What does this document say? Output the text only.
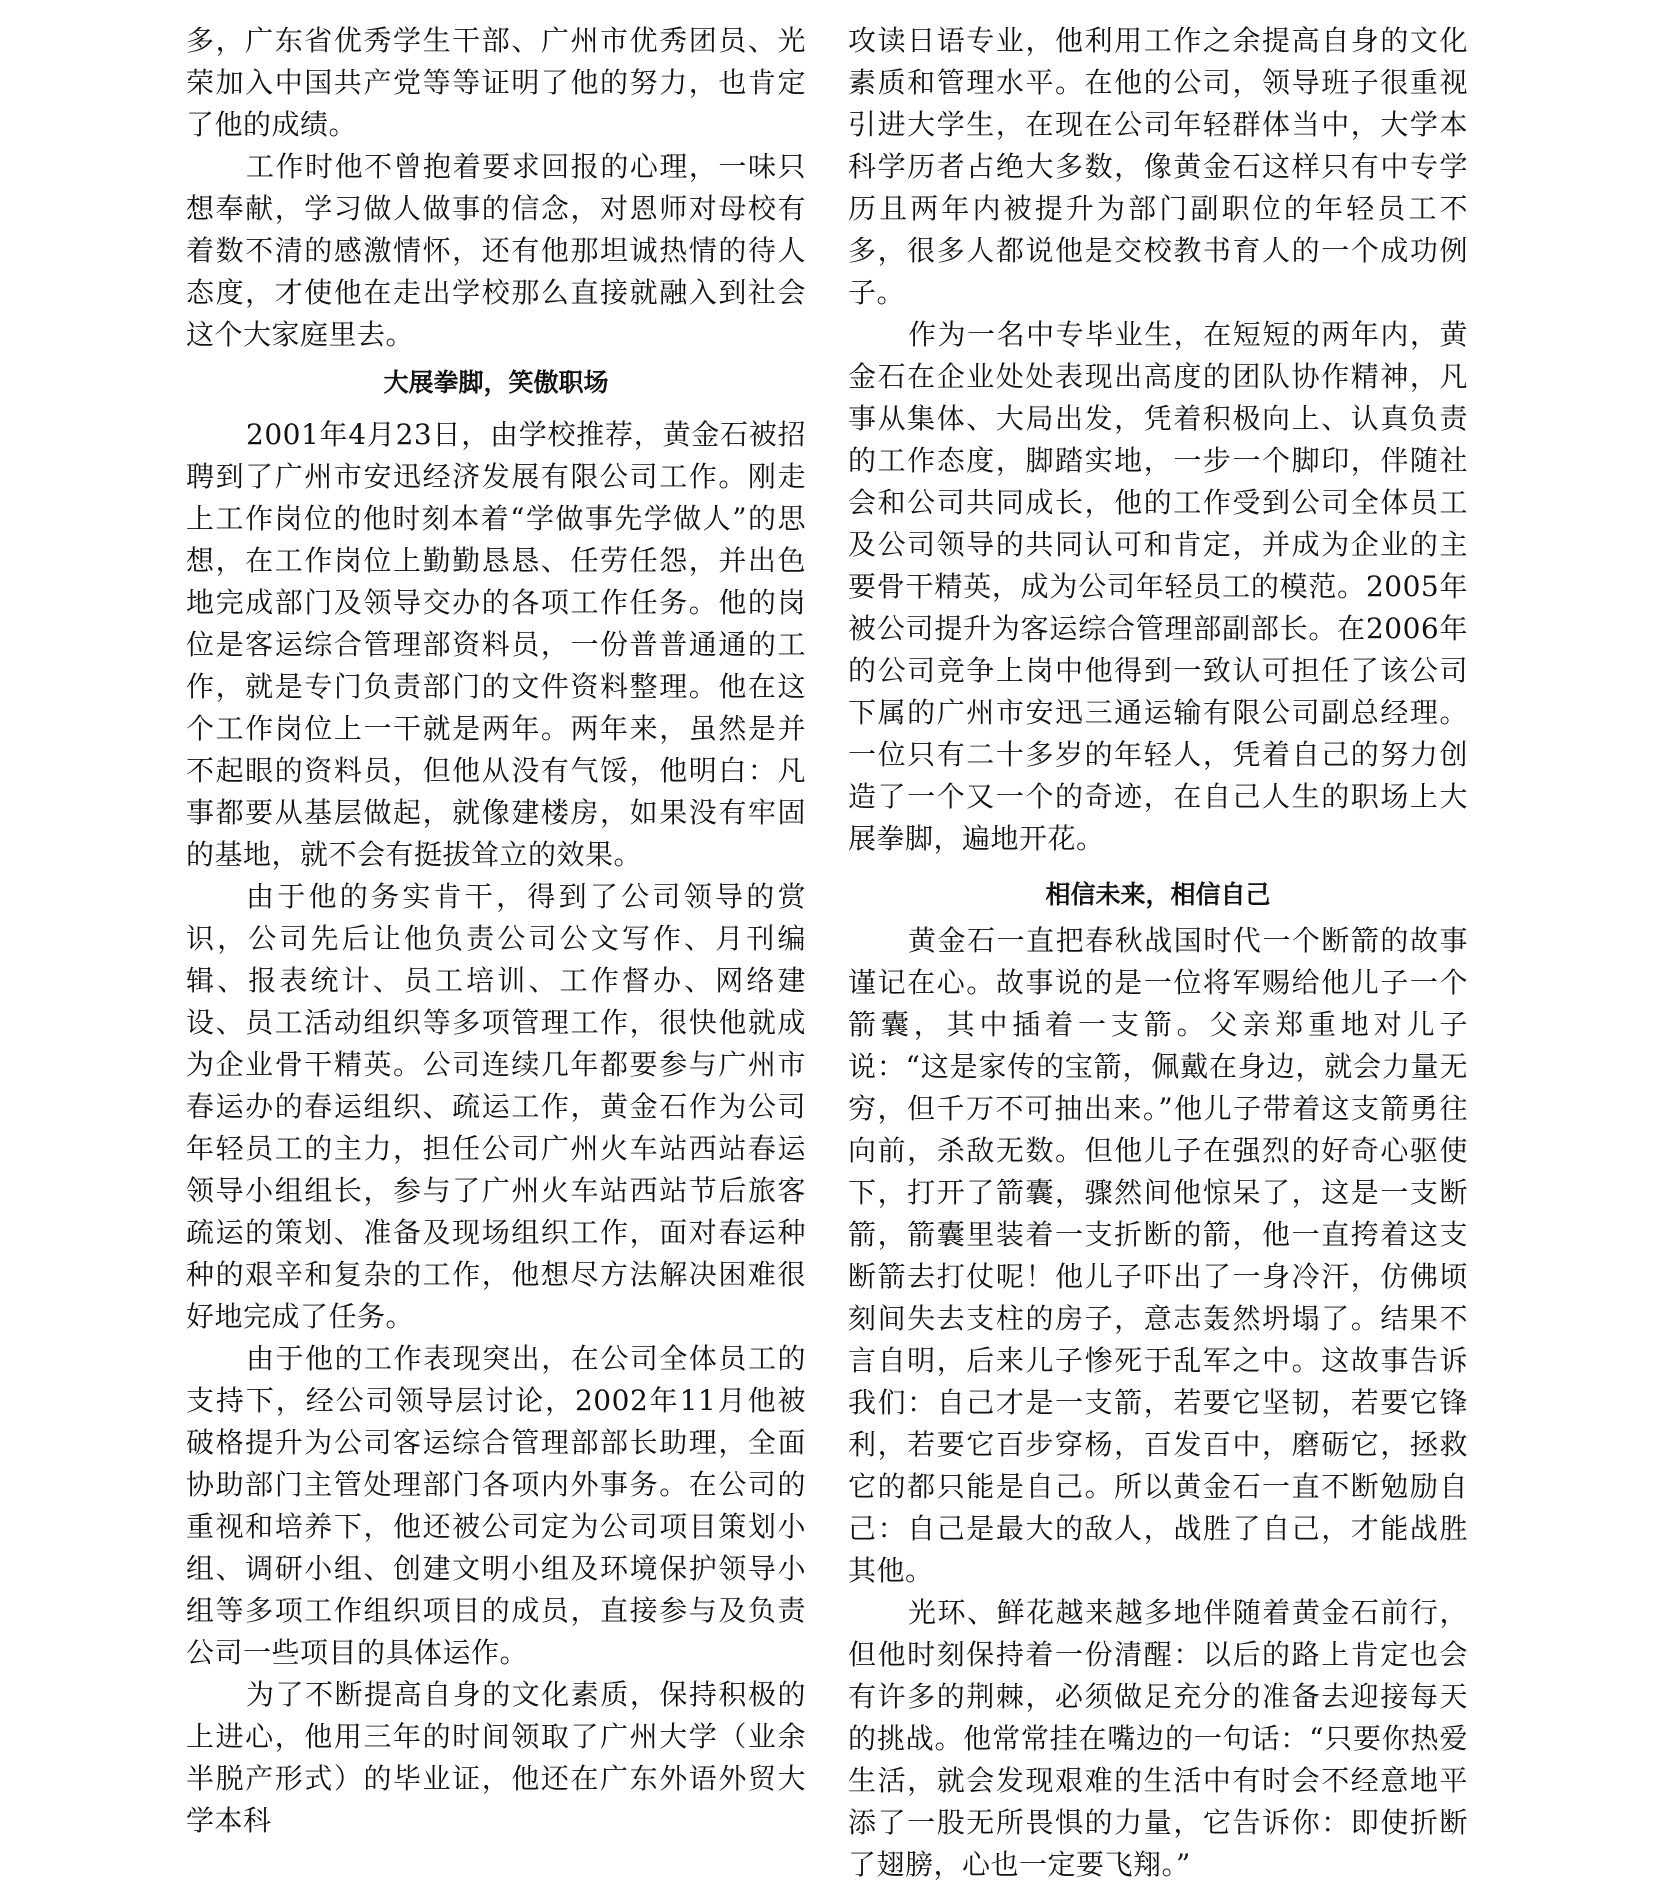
多，广东省优秀学生干部、广州市优秀团员、光荣加入中国共产党等等证明了他的努力，也肯定了他的成绩。

工作时他不曾抱着要求回报的心理，一味只想奉献，学习做人做事的信念，对恩师对母校有着数不清的感激情怀，还有他那坦诚热情的待人态度，才使他在走出学校那么直接就融入到社会这个大家庭里去。

大展拳脚，笑傲职场

2001年4月23日，由学校推荐，黄金石被招聘到了广州市安迅经济发展有限公司工作。刚走上工作岗位的他时刻本着“学做事先学做人”的思想，在工作岗位上勤勤恳恳、任劳任怨，并出色地完成部门及领导交办的各项工作任务。他的岗位是客运综合管理部资料员，一份普普通通的工作，就是专门负责部门的文件资料整理。他在这个工作岗位上一干就是两年。两年来，虽然是并不起眼的资料员，但他从没有气馁，他明白：凡事都要从基层做起，就像建楼房，如果没有牢固的基地，就不会有挺拔耸立的效果。

由于他的务实肯干，得到了公司领导的赏识，公司先后让他负责公司公文写作、月刊编辑、报表统计、员工培训、工作督办、网络建设、员工活动组织等多项管理工作，很快他就成为企业骨干精英。公司连续几年都要参与广州市春运办的春运组织、疏运工作，黄金石作为公司年轻员工的主力，担任公司广州火车站西站春运领导小组组长，参与了广州火车站西站节后旅客疏运的策划、准备及现场组织工作，面对春运种种的艰辛和复杂的工作，他想尽方法解决困难很好地完成了任务。

由于他的工作表现突出，在公司全体员工的支持下，经公司领导层讨论，2002年11月他被破格提升为公司客运综合管理部部长助理，全面协助部门主管处理部门各项内外事务。在公司的重视和培养下，他还被公司定为公司项目策划小组、调研小组、创建文明小组及环境保护领导小组等多项工作组织项目的成员，直接参与及负责公司一些项目的具体运作。

为了不断提高自身的文化素质，保持积极的上进心，他用三年的时间领取了广州大学（业余半脱产形式）的毕业证，他还在广东外语外贸大学本科

攻读日语专业，他利用工作之余提高自身的文化素质和管理水平。在他的公司，领导班子很重视引进大学生，在现在公司年轻群体当中，大学本科学历者占绝大多数，像黄金石这样只有中专学历且两年内被提升为部门副职位的年轻员工不多，很多人都说他是交校教书育人的一个成功例子。

作为一名中专毕业生，在短短的两年内，黄金石在企业处处表现出高度的团队协作精神，凡事从集体、大局出发，凭着积极向上、认真负责的工作态度，脚踏实地，一步一个脚印，伴随社会和公司共同成长，他的工作受到公司全体员工及公司领导的共同认可和肯定，并成为企业的主要骨干精英，成为公司年轻员工的模范。2005年被公司提升为客运综合管理部副部长。在2006年的公司竞争上岗中他得到一致认可担任了该公司下属的广州市安迅三通运输有限公司副总经理。一位只有二十多岁的年轻人，凭着自己的努力创造了一个又一个的奇迹，在自己人生的职场上大展拳脚，遍地开花。

相信未来，相信自己

黄金石一直把春秋战国时代一个断箭的故事谨记在心。故事说的是一位将军赐给他儿子一个箭囊，其中插着一支箭。父亲郑重地对儿子说：“这是家传的宝箭，佩戴在身边，就会力量无穷，但千万不可抽出来。”他儿子带着这支箭勇往向前，杀敌无数。但他儿子在强烈的好奇心驱使下，打开了箭囊，骤然间他惊呆了，这是一支断箭，箭囊里装着一支折断的箭，他一直挎着这支断箭去打仗呢！他儿子吓出了一身冷汗，仿佛顷刻间失去支柱的房子，意志轰然坍塌了。结果不言自明，后来儿子惨死于乱军之中。这故事告诉我们：自己才是一支箭，若要它坚韧，若要它锋利，若要它百步穿杨，百发百中，磨砺它，拯救它的都只能是自己。所以黄金石一直不断勉励自己：自己是最大的敌人，战胜了自己，才能战胜其他。

光环、鲜花越来越多地伴随着黄金石前行，但他时刻保持着一份清醒：以后的路上肯定也会有许多的荆棘，必须做足充分的准备去迎接每天的挑战。他常常挂在嘴边的一句话：“只要你热爱生活，就会发现艰难的生活中有时会不经意地平添了一股无所畏惧的力量，它告诉你：即使折断了翅膀，心也一定要飞翔。”
